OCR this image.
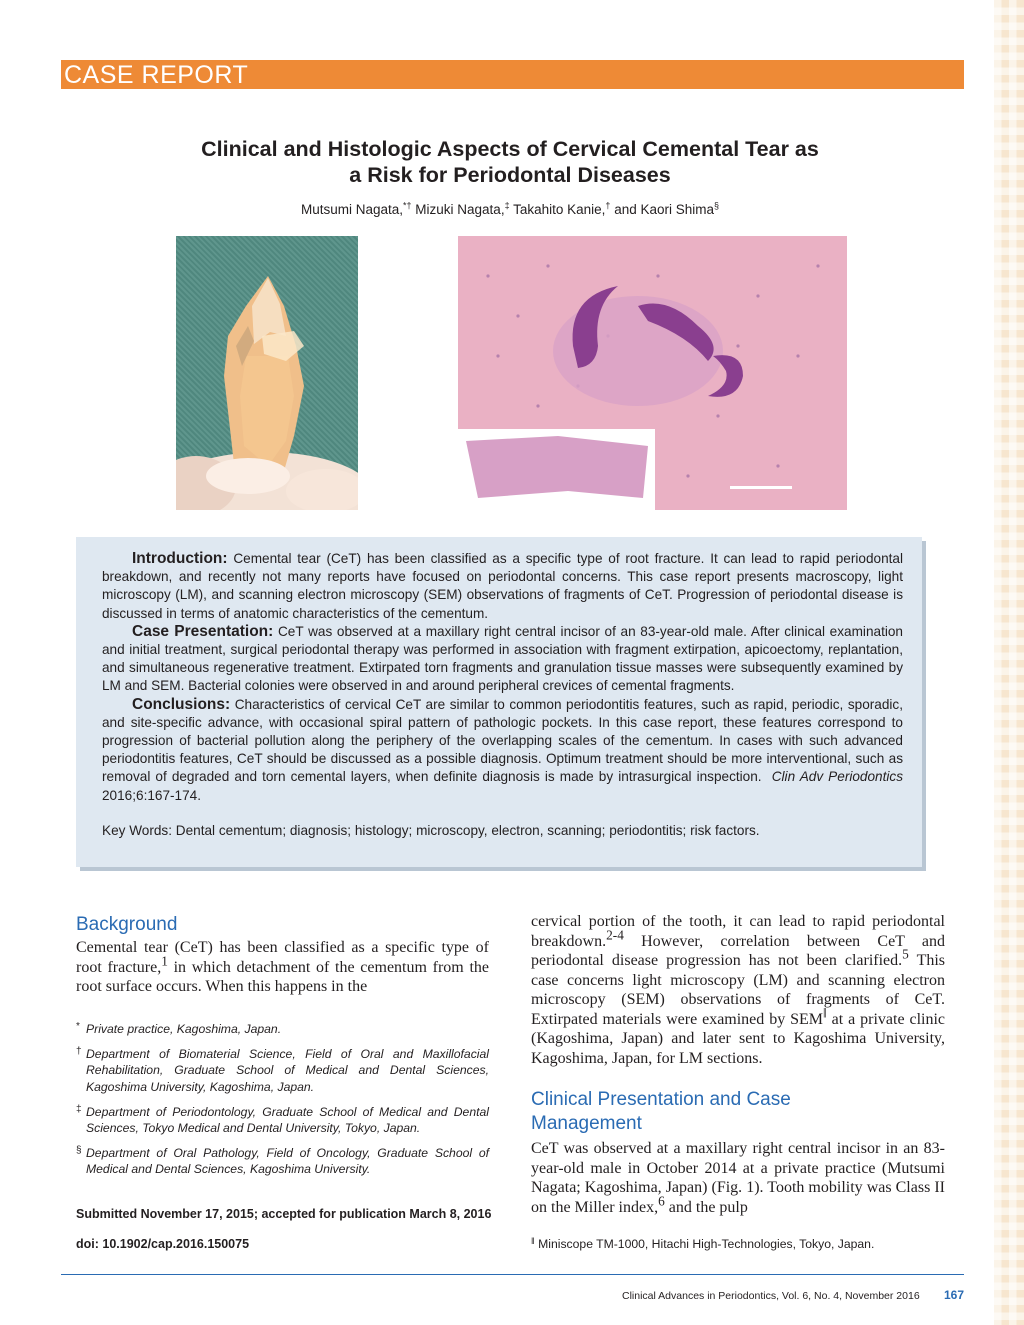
CASE REPORT
Clinical and Histologic Aspects of Cervical Cemental Tear as
a Risk for Periodontal Diseases
Mutsumi Nagata,*† Mizuki Nagata,‡ Takahito Kanie,† and Kaori Shima§

Introduction: Cemental tear (CeT) has been classified as a specific type of root fracture. It can lead to rapid periodontal breakdown, and recently not many reports have focused on periodontal concerns. This case report presents macroscopy, light microscopy (LM), and scanning electron microscopy (SEM) observations of fragments of CeT. Progression of periodontal disease is discussed in terms of anatomic characteristics of the cementum.

Case Presentation: CeT was observed at a maxillary right central incisor of an 83-year-old male. After clinical examination and initial treatment, surgical periodontal therapy was performed in association with fragment extirpation, apicoectomy, replantation, and simultaneous regenerative treatment. Extirpated torn fragments and granulation tissue masses were subsequently examined by LM and SEM. Bacterial colonies were observed in and around peripheral crevices of cemental fragments.

Conclusions: Characteristics of cervical CeT are similar to common periodontitis features, such as rapid, periodic, sporadic, and site-specific advance, with occasional spiral pattern of pathologic pockets. In this case report, these features correspond to progression of bacterial pollution along the periphery of the overlapping scales of the cementum. In cases with such advanced periodontitis features, CeT should be discussed as a possible diagnosis. Optimum treatment should be more interventional, such as removal of degraded and torn cemental layers, when definite diagnosis is made by intrasurgical inspection. Clin Adv Periodontics 2016;6:167-174.

Key Words: Dental cementum; diagnosis; histology; microscopy, electron, scanning; periodontitis; risk factors.
Background
Cemental tear (CeT) has been classified as a specific type of root fracture,$^1$ in which detachment of the cementum from the root surface occurs. When this happens in the
* Private practice, Kagoshima, Japan.
† Department of Biomaterial Science, Field of Oral and Maxillofacial Rehabilitation, Graduate School of Medical and Dental Sciences, Kagoshima University, Kagoshima, Japan.
‡ Department of Periodontology, Graduate School of Medical and Dental Sciences, Tokyo Medical and Dental University, Tokyo, Japan.
§ Department of Oral Pathology, Field of Oncology, Graduate School of Medical and Dental Sciences, Kagoshima University.
Submitted November 17, 2015; accepted for publication March 8, 2016
doi: 10.1902/cap.2016.150075
cervical portion of the tooth, it can lead to rapid periodontal breakdown.$^{2-4}$ However, correlation between CeT and periodontal disease progression has not been clarified.$^5$ This case concerns light microscopy (LM) and scanning electron microscopy (SEM) observations of fragments of CeT. Extirpated materials were examined by SEM‖ at a private clinic (Kagoshima, Japan) and later sent to Kagoshima University, Kagoshima, Japan, for LM sections.
Clinical Presentation and Case
Management
CeT was observed at a maxillary right central incisor in an 83-year-old male in October 2014 at a private practice (Mutsumi Nagata; Kagoshima, Japan) (Fig. 1). Tooth mobility was Class II on the Miller index,$^6$ and the pulp
‖ Miniscope TM-1000, Hitachi High-Technologies, Tokyo, Japan.
Clinical Advances in Periodontics, Vol. 6, No. 4, November 2016 167
